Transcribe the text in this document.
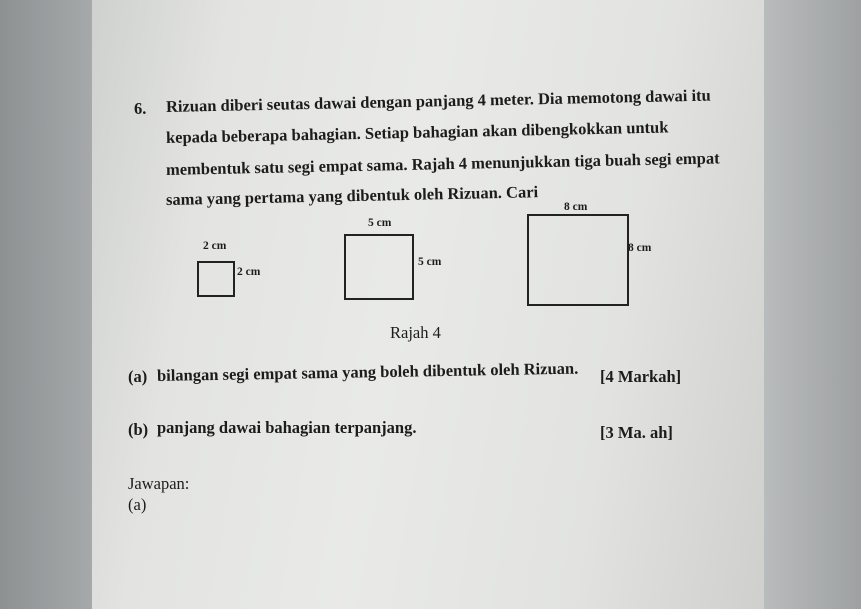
6. Rizuan diberi seutas dawai dengan panjang 4 meter. Dia memotong dawai itu
kepada beberapa bahagian. Setiap bahagian akan dibengkokkan untuk
membentuk satu segi empat sama. Rajah 4 menunjukkan tiga buah segi empat
sama yang pertama yang dibentuk oleh Rizuan. Cari
2 cm
2 cm
5 cm
5 cm
8 cm
8 cm
Rajah 4
(a) bilangan segi empat sama yang boleh dibentuk oleh Rizuan. [4 Markah]
(b) panjang dawai bahagian terpanjang.	[3 Ma. ah]
Jawapan:
(a)
